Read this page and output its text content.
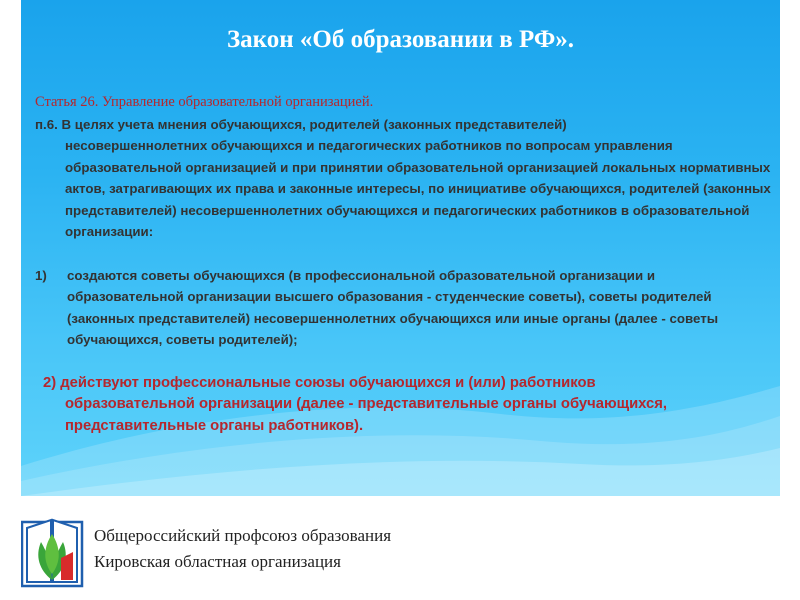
Закон «Об образовании в РФ».
Статья 26. Управление образовательной организацией.
п.6. В целях учета мнения обучающихся, родителей (законных представителей)
несовершеннолетних обучающихся и педагогических работников по вопросам управления образовательной организацией и при принятии образовательной организацией локальных нормативных актов, затрагивающих их права и законные интересы, по инициативе обучающихся, родителей (законных представителей) несовершеннолетних обучающихся и педагогических работников в образовательной организации:
1)	создаются советы обучающихся (в профессиональной образовательной организации и образовательной организации высшего образования - студенческие советы), советы родителей (законных представителей) несовершеннолетних обучающихся или иные органы (далее - советы обучающихся, советы родителей);
2) действуют профессиональные союзы обучающихся и (или) работников
образовательной организации (далее - представительные органы обучающихся, представительные органы работников).
Общероссийский профсоюз образования
Кировская областная организация
